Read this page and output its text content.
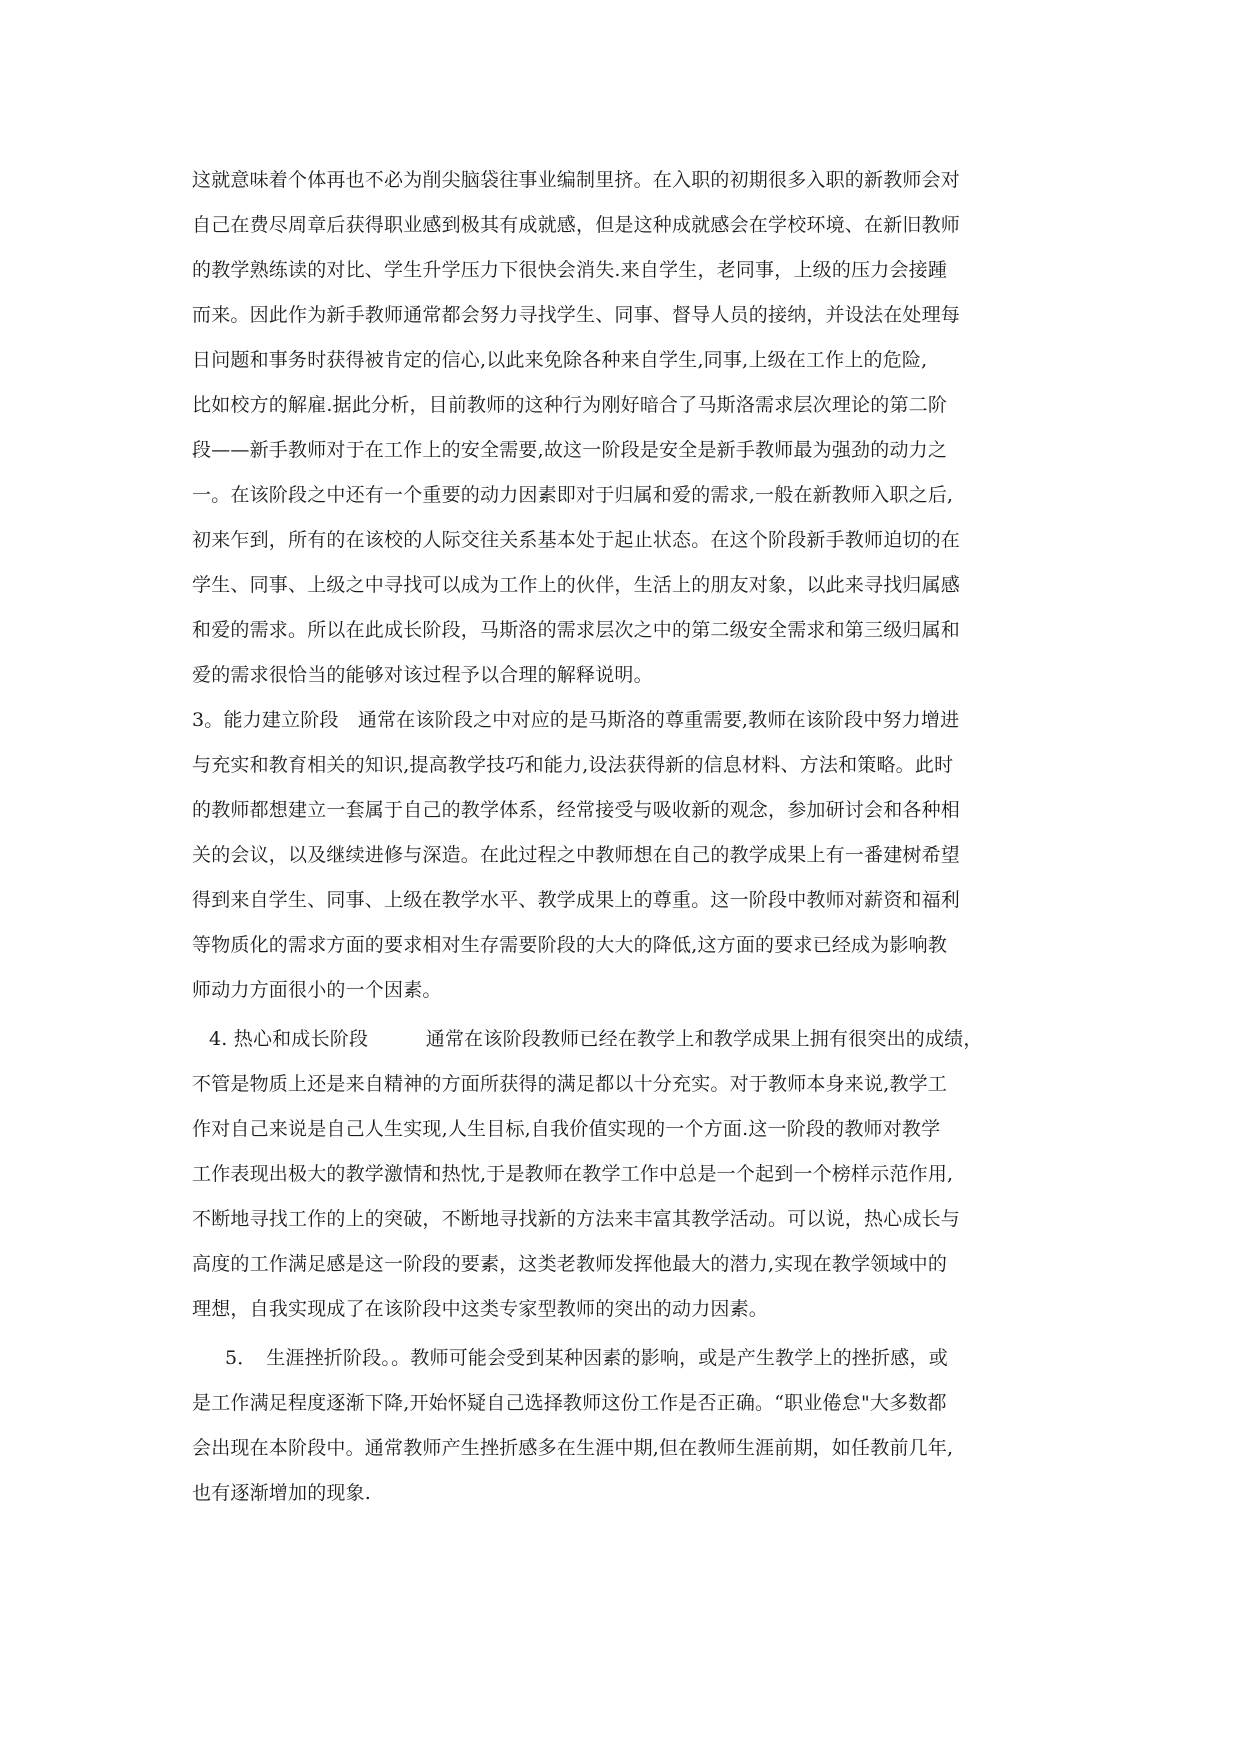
这就意味着个体再也不必为削尖脑袋往事业编制里挤。在入职的初期很多入职的新教师会对
自己在费尽周章后获得职业感到极其有成就感，但是这种成就感会在学校环境、在新旧教师
的教学熟练读的对比、学生升学压力下很快会消失.来自学生，老同事，上级的压力会接踵
而来。因此作为新手教师通常都会努力寻找学生、同事、督导人员的接纳，并设法在处理每
日问题和事务时获得被肯定的信心,以此来免除各种来自学生,同事,上级在工作上的危险,
比如校方的解雇.据此分析，目前教师的这种行为刚好暗合了马斯洛需求层次理论的第二阶
段——新手教师对于在工作上的安全需要,故这一阶段是安全是新手教师最为强劲的动力之
一。在该阶段之中还有一个重要的动力因素即对于归属和爱的需求,一般在新教师入职之后,
初来乍到，所有的在该校的人际交往关系基本处于起止状态。在这个阶段新手教师迫切的在
学生、同事、上级之中寻找可以成为工作上的伙伴，生活上的朋友对象，以此来寻找归属感
和爱的需求。所以在此成长阶段，马斯洛的需求层次之中的第二级安全需求和第三级归属和
爱的需求很恰当的能够对该过程予以合理的解释说明。
3。能力建立阶段　通常在该阶段之中对应的是马斯洛的尊重需要,教师在该阶段中努力增进
与充实和教育相关的知识,提高教学技巧和能力,设法获得新的信息材料、方法和策略。此时
的教师都想建立一套属于自己的教学体系，经常接受与吸收新的观念，参加研讨会和各种相
关的会议，以及继续进修与深造。在此过程之中教师想在自己的教学成果上有一番建树希望
得到来自学生、同事、上级在教学水平、教学成果上的尊重。这一阶段中教师对薪资和福利
等物质化的需求方面的要求相对生存需要阶段的大大的降低,这方面的要求已经成为影响教
师动力方面很小的一个因素。
4. 热心和成长阶段　　　通常在该阶段教师已经在教学上和教学成果上拥有很突出的成绩，
不管是物质上还是来自精神的方面所获得的满足都以十分充实。对于教师本身来说,教学工
作对自己来说是自己人生实现,人生目标,自我价值实现的一个方面.这一阶段的教师对教学
工作表现出极大的教学激情和热忱,于是教师在教学工作中总是一个起到一个榜样示范作用,
不断地寻找工作的上的突破，不断地寻找新的方法来丰富其教学活动。可以说，热心成长与
高度的工作满足感是这一阶段的要素，这类老教师发挥他最大的潜力,实现在教学领域中的
理想，自我实现成了在该阶段中这类专家型教师的突出的动力因素。
5．　生涯挫折阶段。。教师可能会受到某种因素的影响，或是产生教学上的挫折感，或
是工作满足程度逐渐下降,开始怀疑自己选择教师这份工作是否正确。“职业倦怠"大多数都
会出现在本阶段中。通常教师产生挫折感多在生涯中期,但在教师生涯前期，如任教前几年,
也有逐渐增加的现象.
